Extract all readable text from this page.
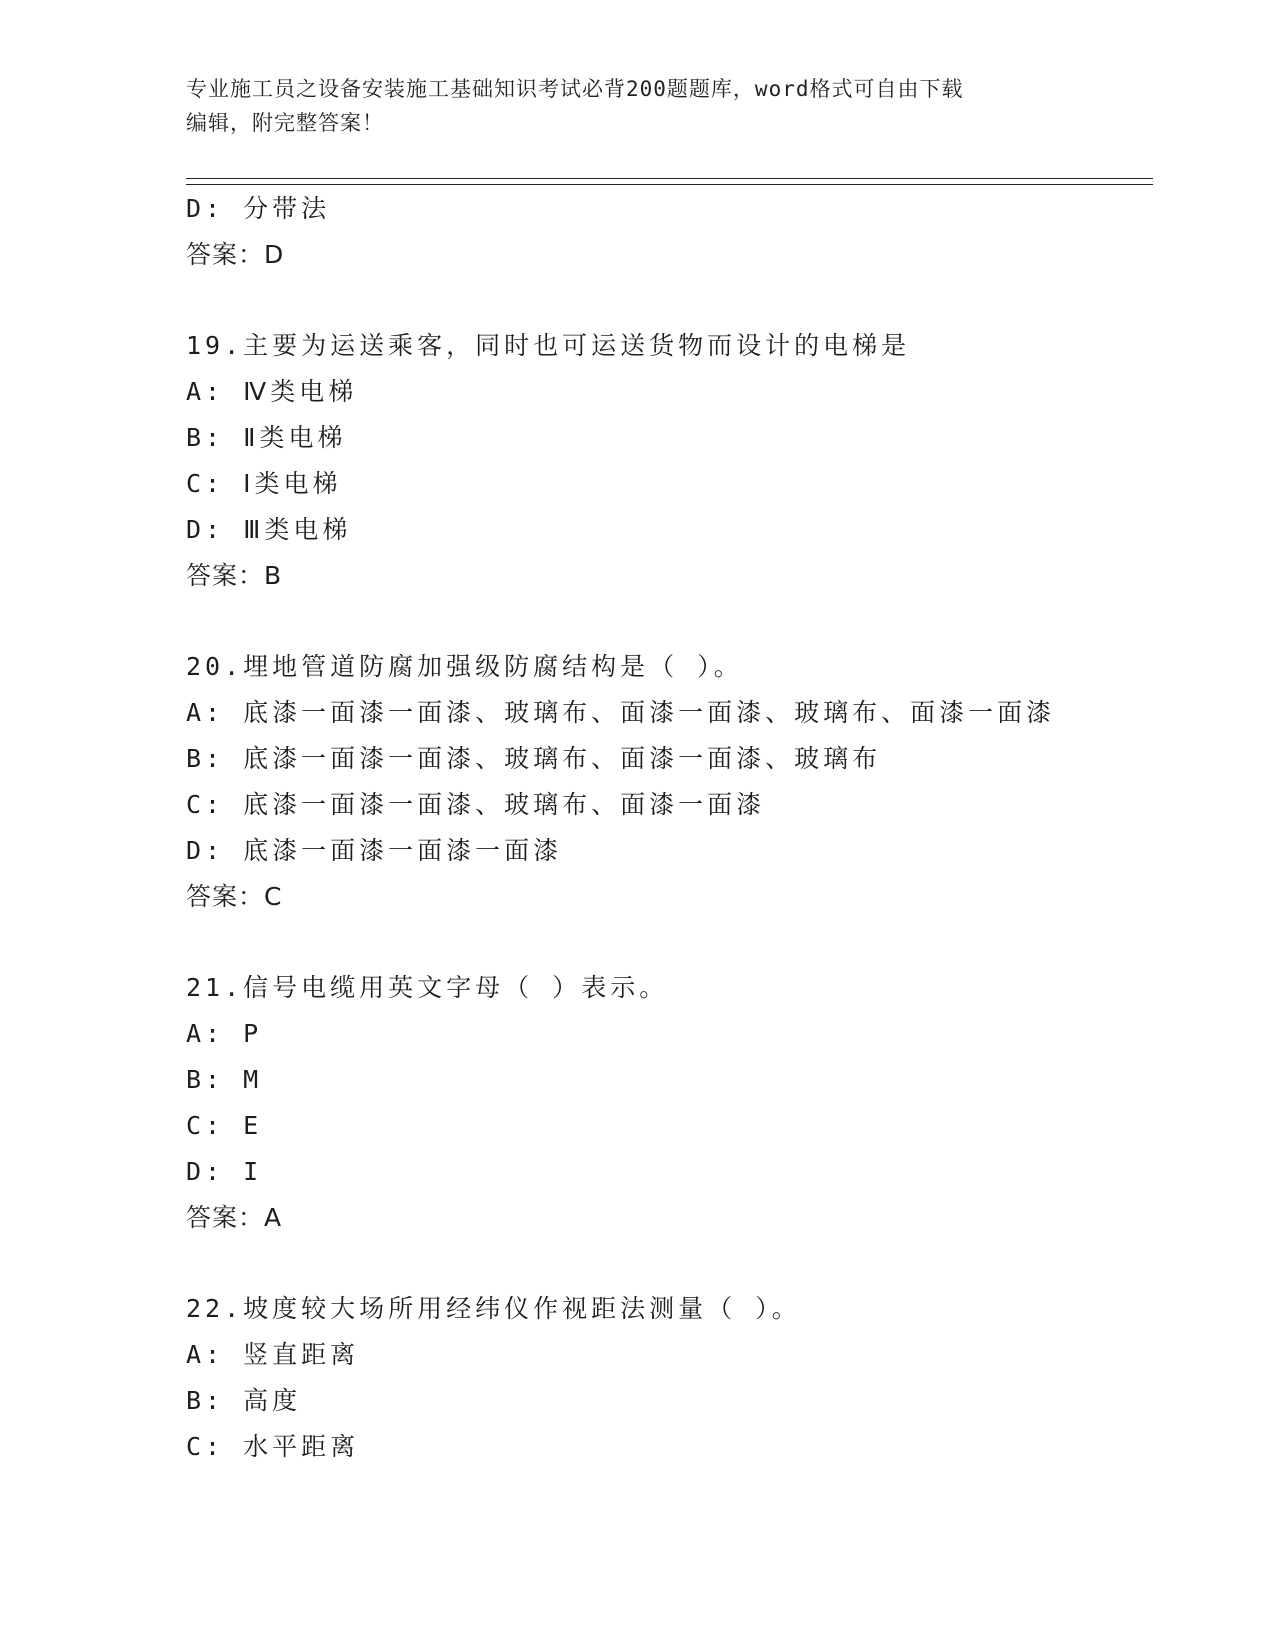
专业施工员之设备安装施工基础知识考试必背200题题库，word格式可自由下载
编辑，附完整答案！
D: 分带法
答案：D
19.主要为运送乘客，同时也可运送货物而设计的电梯是
A: Ⅳ类电梯
B: Ⅱ类电梯
C: Ⅰ类电梯
D: Ⅲ类电梯
答案：B
20.埋地管道防腐加强级防腐结构是（ ）。
A: 底漆一面漆一面漆、玻璃布、面漆一面漆、玻璃布、面漆一面漆
B: 底漆一面漆一面漆、玻璃布、面漆一面漆、玻璃布
C: 底漆一面漆一面漆、玻璃布、面漆一面漆
D: 底漆一面漆一面漆一面漆
答案：C
21.信号电缆用英文字母（ ）表示。
A: P
B: M
C: E
D: I
答案：A
22.坡度较大场所用经纬仪作视距法测量（ ）。
A: 竖直距离
B: 高度
C: 水平距离
